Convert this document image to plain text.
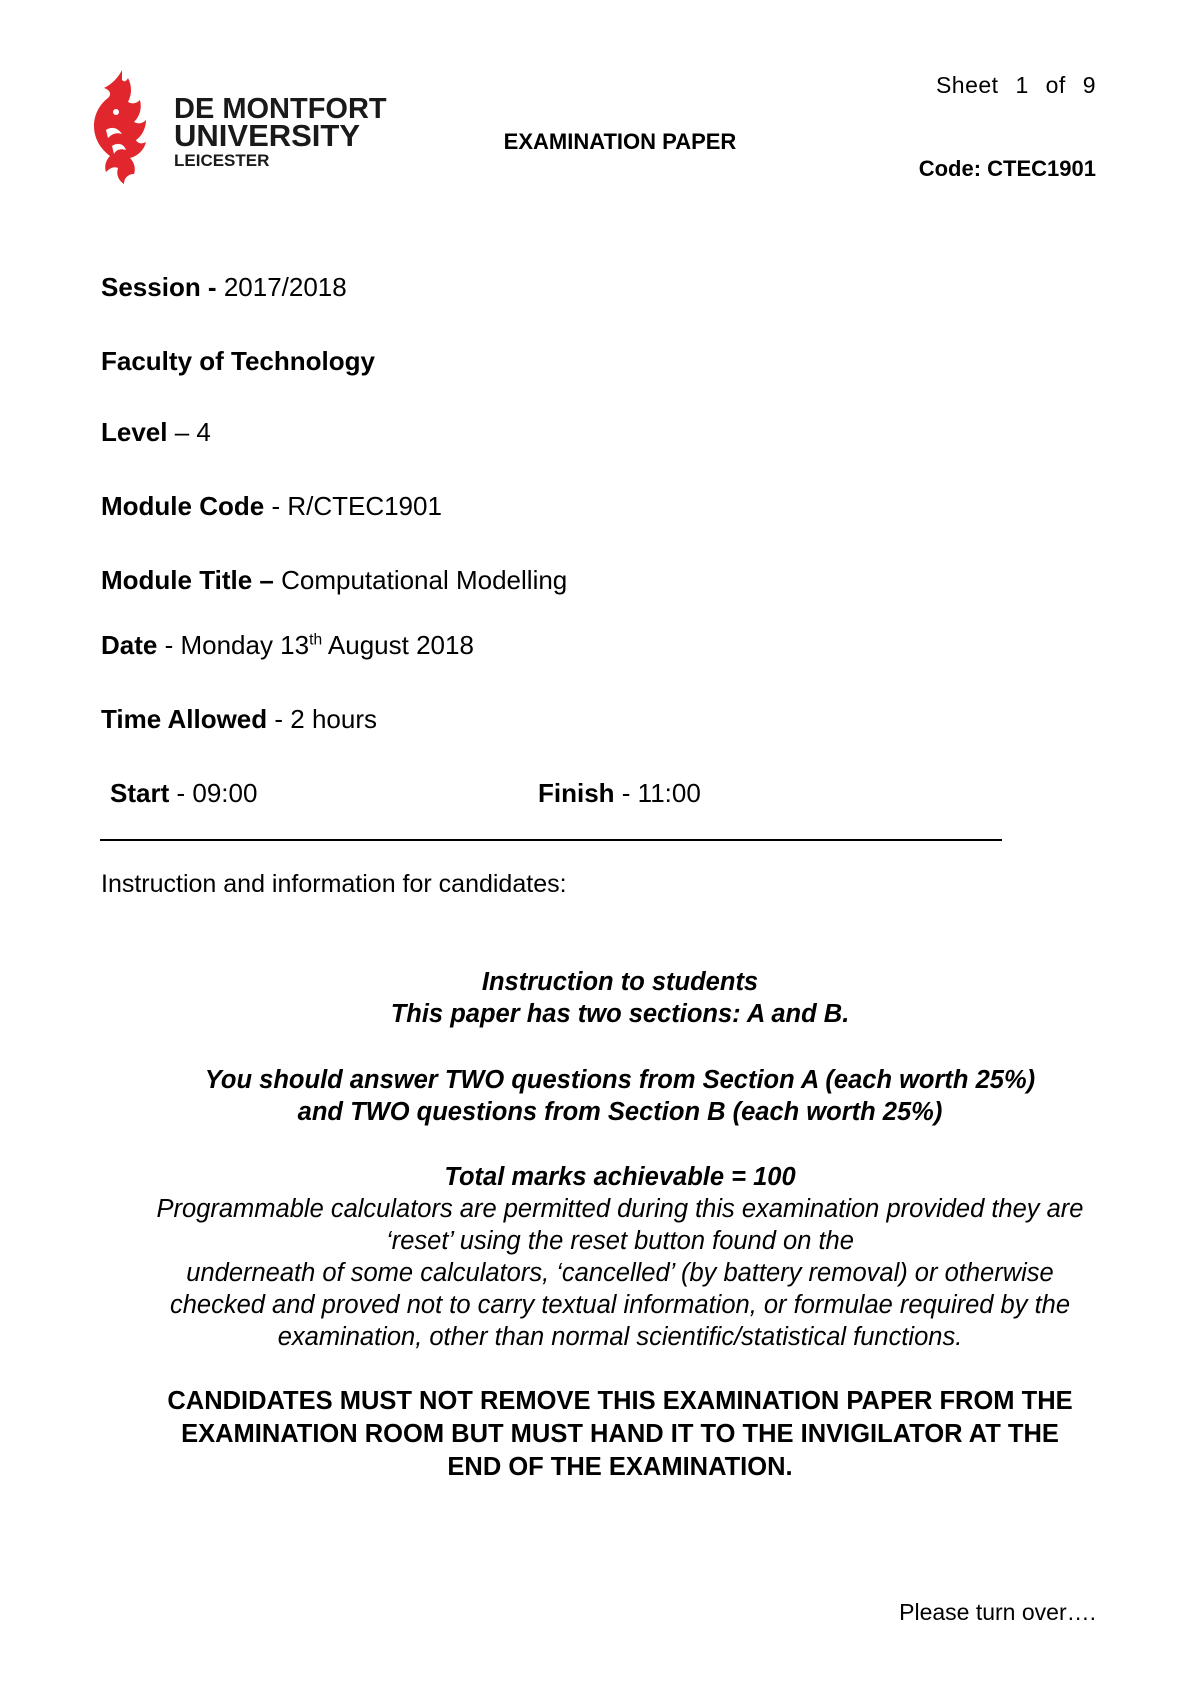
DE MONTFORT
UNIVERSITY
LEICESTER
Sheet 1 of 9
EXAMINATION PAPER
Code: CTEC1901
Session - 2017/2018
Faculty of Technology
Level – 4
Module Code - R/CTEC1901
Module Title – Computational Modelling
Date - Monday 13th August 2018
Time Allowed - 2 hours
Start - 09:00	Finish - 11:00
Instruction and information for candidates:
Instruction to students
This paper has two sections: A and B.
You should answer TWO questions from Section A (each worth 25%)
and TWO questions from Section B (each worth 25%)
Total marks achievable = 100
Programmable calculators are permitted during this examination provided they are
‘reset’ using the reset button found on the
underneath of some calculators, ‘cancelled’ (by battery removal) or otherwise
checked and proved not to carry textual information, or formulae required by the
examination, other than normal scientific/statistical functions.
CANDIDATES MUST NOT REMOVE THIS EXAMINATION PAPER FROM THE
EXAMINATION ROOM BUT MUST HAND IT TO THE INVIGILATOR AT THE
END OF THE EXAMINATION.
Please turn over….
